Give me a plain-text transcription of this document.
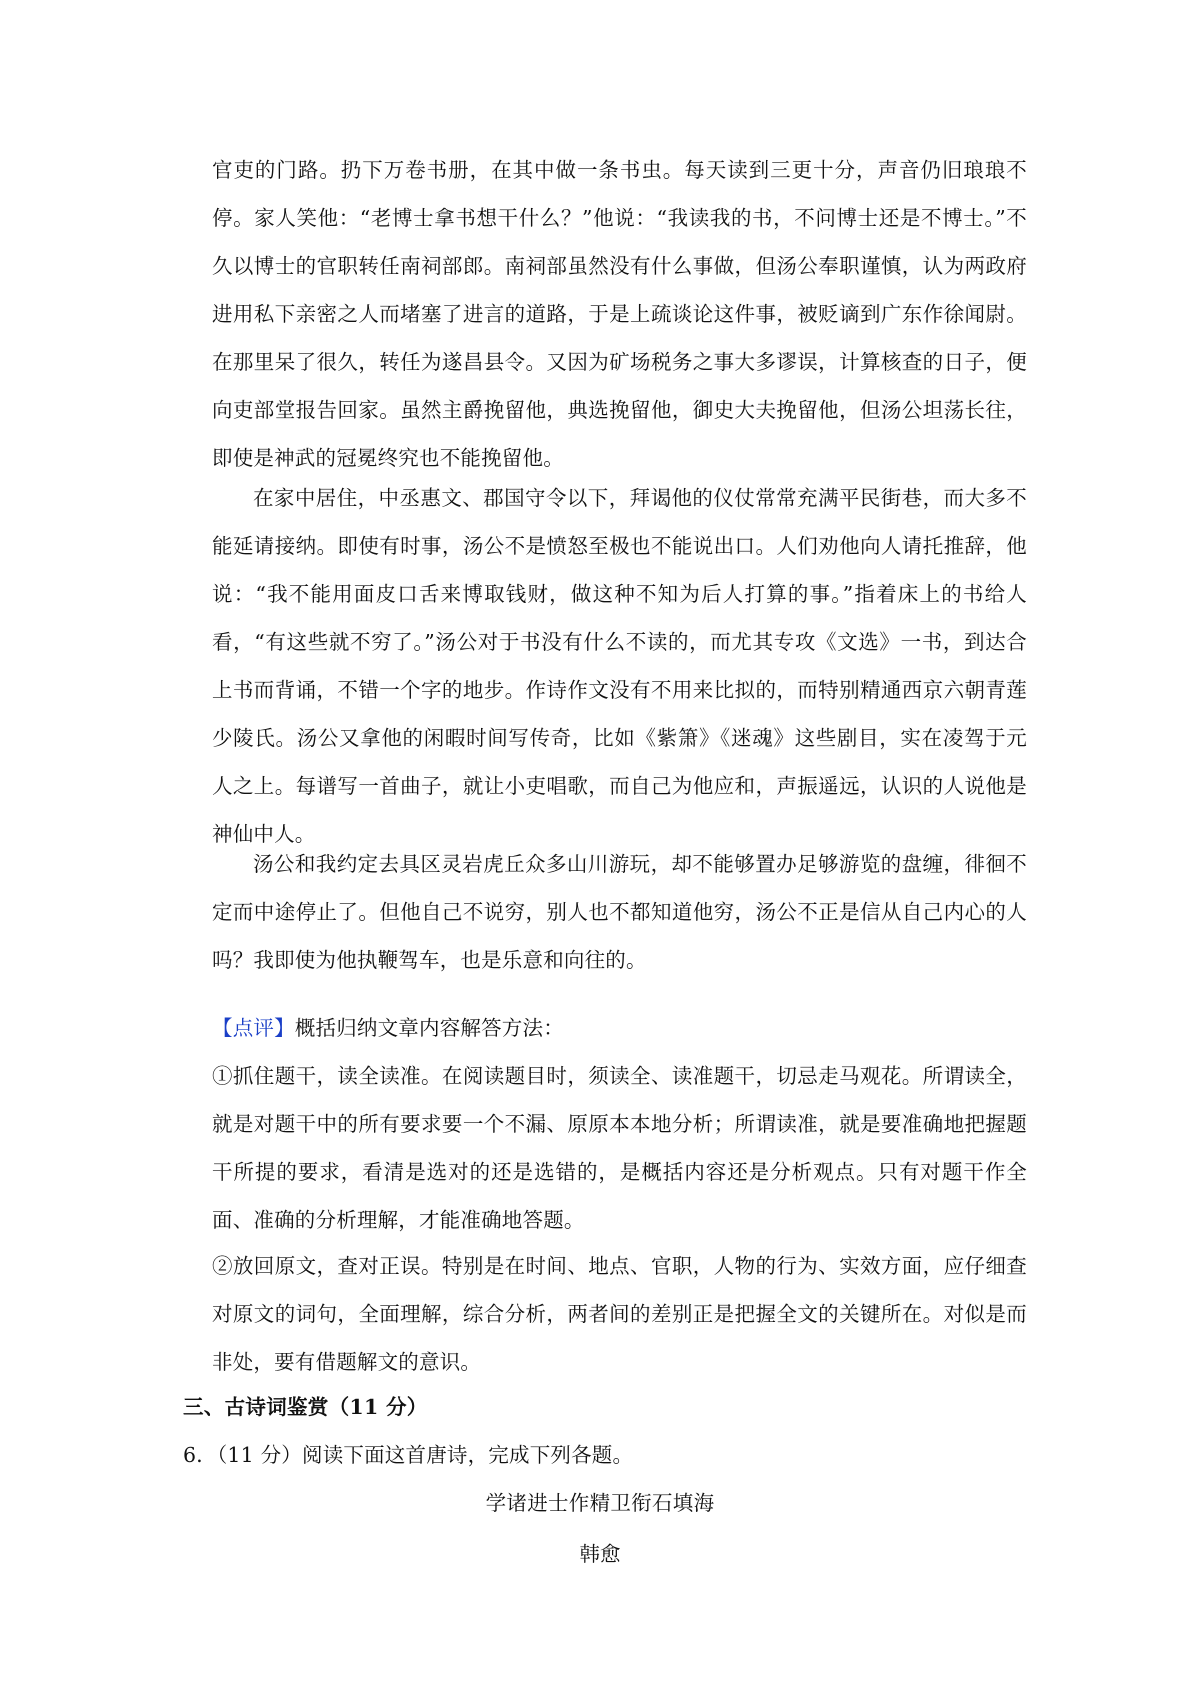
官吏的门路。扔下万卷书册，在其中做一条书虫。每天读到三更十分，声音仍旧琅琅不停。家人笑他：“老博士拿书想干什么？”他说：“我读我的书，不问博士还是不博士。”不久以博士的官职转任南祠部郎。南祠部虽然没有什么事做，但汤公奉职谨慎，认为两政府进用私下亲密之人而堵塞了进言的道路，于是上疏谈论这件事，被贬谪到广东作徐闻尉。在那里呆了很久，转任为遂昌县令。又因为矿场税务之事大多谬误，计算核查的日子，便向吏部堂报告回家。虽然主爵挽留他，典选挽留他，御史大夫挽留他，但汤公坦荡长往，即使是神武的冠冕终究也不能挽留他。
在家中居住，中丞惠文、郡国守令以下，拜谒他的仪仗常常充满平民街巷，而大多不能延请接纳。即使有时事，汤公不是愤怒至极也不能说出口。人们劝他向人请托推辞，他说：“我不能用面皮口舌来博取钱财，做这种不知为后人打算的事。”指着床上的书给人看，“有这些就不穷了。”汤公对于书没有什么不读的，而尤其专攻《文选》一书，到达合上书而背诵，不错一个字的地步。作诗作文没有不用来比拟的，而特别精通西京六朝青莲少陵氏。汤公又拿他的闲暇时间写传奇，比如《紫箫》《迷魂》这些剧目，实在凌驾于元人之上。每谱写一首曲子，就让小吏唱歌，而自己为他应和，声振遥远，认识的人说他是神仙中人。
汤公和我约定去具区灵岩虎丘众多山川游玩，却不能够置办足够游览的盘缠，徘徊不定而中途停止了。但他自己不说穷，别人也不都知道他穷，汤公不正是信从自己内心的人吗？我即使为他执鞭驾车，也是乐意和向往的。
【点评】概括归纳文章内容解答方法：
①抓住题干，读全读准。在阅读题目时，须读全、读准题干，切忌走马观花。所谓读全，就是对题干中的所有要求要一个不漏、原原本本地分析；所谓读准，就是要准确地把握题干所提的要求，看清是选对的还是选错的，是概括内容还是分析观点。只有对题干作全面、准确的分析理解，才能准确地答题。
②放回原文，查对正误。特别是在时间、地点、官职，人物的行为、实效方面，应仔细查对原文的词句，全面理解，综合分析，两者间的差别正是把握全文的关键所在。对似是而非处，要有借题解文的意识。
三、古诗词鉴赏（11 分）
6．（11 分）阅读下面这首唐诗，完成下列各题。
学诸进士作精卫衔石填海
韩愈
